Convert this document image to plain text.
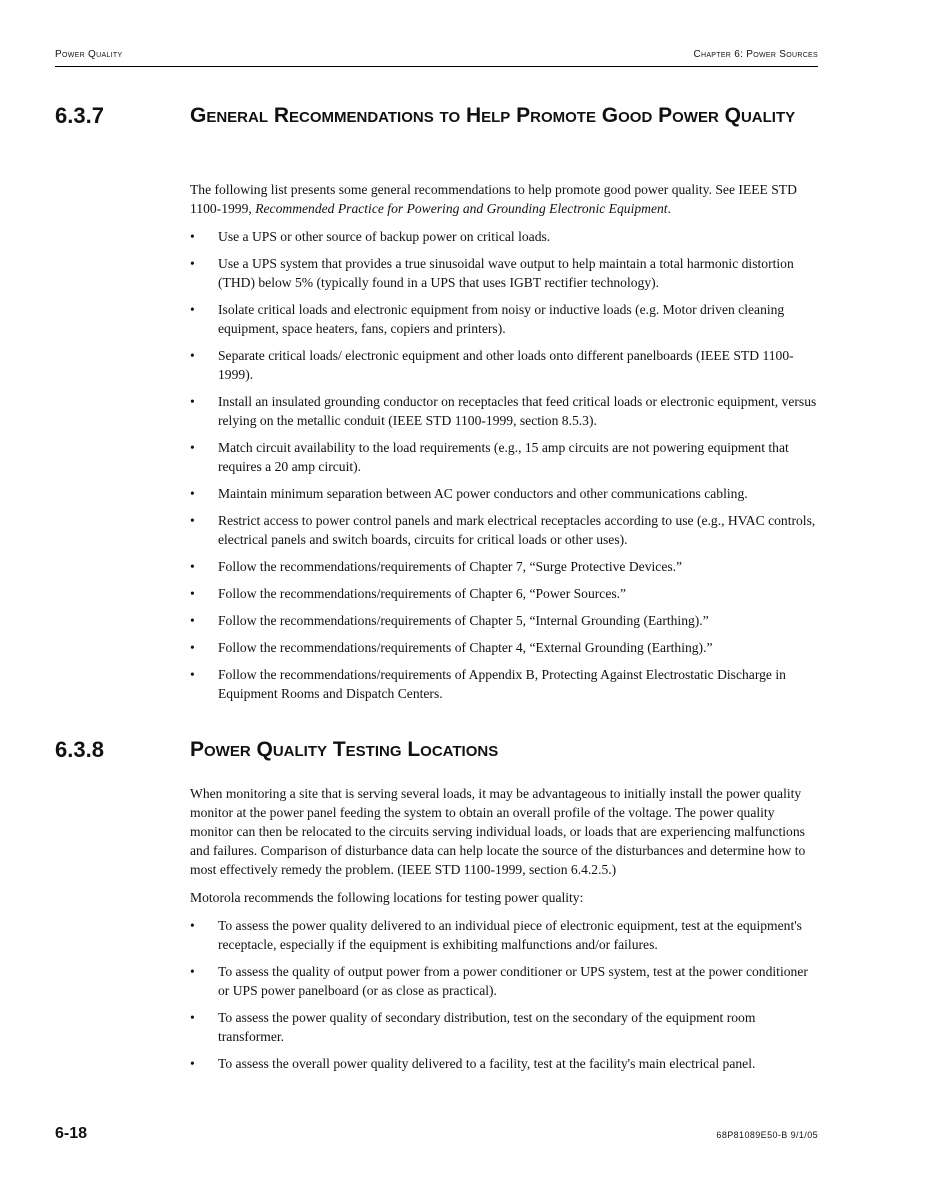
Power Quality	Chapter 6: Power Sources
6.3.7	General Recommendations to Help Promote Good Power Quality

The following list presents some general recommendations to help promote good power quality. See IEEE STD 1100-1999, Recommended Practice for Powering and Grounding Electronic Equipment.

• Use a UPS or other source of backup power on critical loads.
• Use a UPS system that provides a true sinusoidal wave output to help maintain a total harmonic distortion (THD) below 5% (typically found in a UPS that uses IGBT rectifier technology).
• Isolate critical loads and electronic equipment from noisy or inductive loads (e.g. Motor driven cleaning equipment, space heaters, fans, copiers and printers).
• Separate critical loads/ electronic equipment and other loads onto different panelboards (IEEE STD 1100-1999).
• Install an insulated grounding conductor on receptacles that feed critical loads or electronic equipment, versus relying on the metallic conduit (IEEE STD 1100-1999, section 8.5.3).
• Match circuit availability to the load requirements (e.g., 15 amp circuits are not powering equipment that requires a 20 amp circuit).
• Maintain minimum separation between AC power conductors and other communications cabling.
• Restrict access to power control panels and mark electrical receptacles according to use (e.g., HVAC controls, electrical panels and switch boards, circuits for critical loads or other uses).
• Follow the recommendations/requirements of Chapter 7, “Surge Protective Devices.”
• Follow the recommendations/requirements of Chapter 6, “Power Sources.”
• Follow the recommendations/requirements of Chapter 5, “Internal Grounding (Earthing).”
• Follow the recommendations/requirements of Chapter 4, “External Grounding (Earthing).”
• Follow the recommendations/requirements of Appendix B, Protecting Against Electrostatic Discharge in Equipment Rooms and Dispatch Centers.
6.3.8	Power Quality Testing Locations

When monitoring a site that is serving several loads, it may be advantageous to initially install the power quality monitor at the power panel feeding the system to obtain an overall profile of the voltage. The power quality monitor can then be relocated to the circuits serving individual loads, or loads that are experiencing malfunctions and failures. Comparison of disturbance data can help locate the source of the disturbances and determine how to most effectively remedy the problem. (IEEE STD 1100-1999, section 6.4.2.5.)

Motorola recommends the following locations for testing power quality:

• To assess the power quality delivered to an individual piece of electronic equipment, test at the equipment's receptacle, especially if the equipment is exhibiting malfunctions and/or failures.
• To assess the quality of output power from a power conditioner or UPS system, test at the power conditioner or UPS power panelboard (or as close as practical).
• To assess the power quality of secondary distribution, test on the secondary of the equipment room transformer.
• To assess the overall power quality delivered to a facility, test at the facility's main electrical panel.
6-18	68P81089E50-B 9/1/05
